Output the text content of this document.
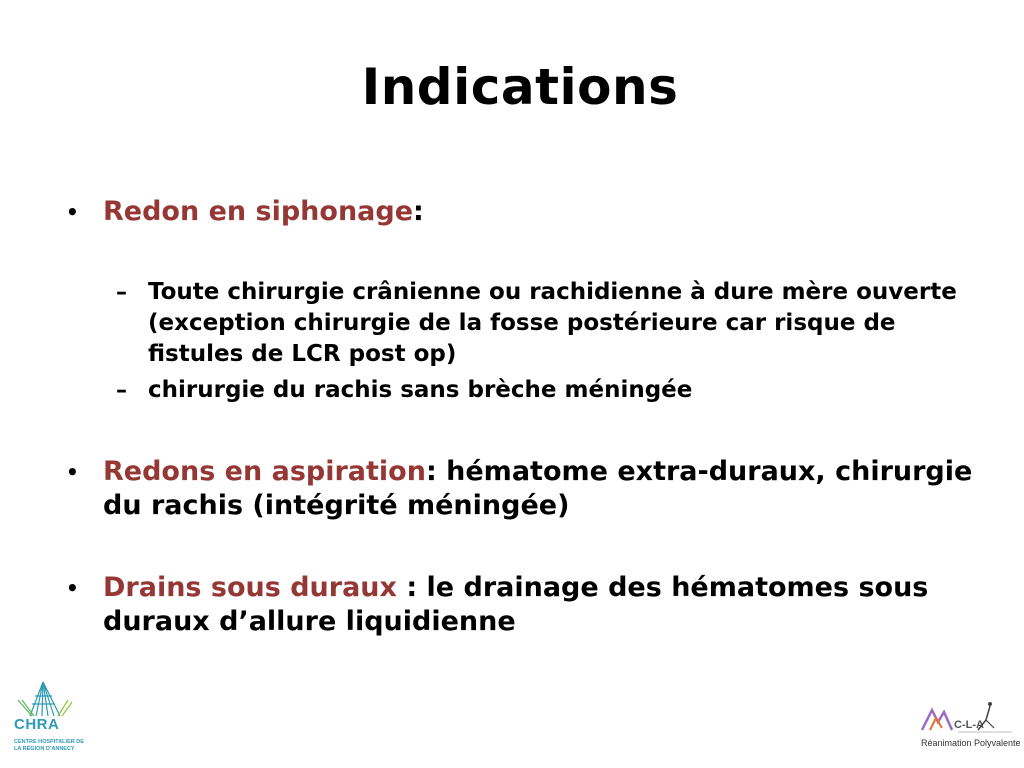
Indications
• Redon en siphonage:
– Toute chirurgie crânienne ou rachidienne à dure mère ouverte (exception chirurgie de la fosse postérieure car risque de fistules de LCR post op)
– chirurgie du rachis sans brèche méningée
• Redons en aspiration: hématome extra-duraux, chirurgie du rachis (intégrité méningée)
• Drains sous duraux : le drainage des hématomes sous duraux d’allure liquidienne
CHRA
CENTRE HOSPITALIER DE LA RÉGION D’ANNECY
C-L-A
Réanimation Polyvalente
